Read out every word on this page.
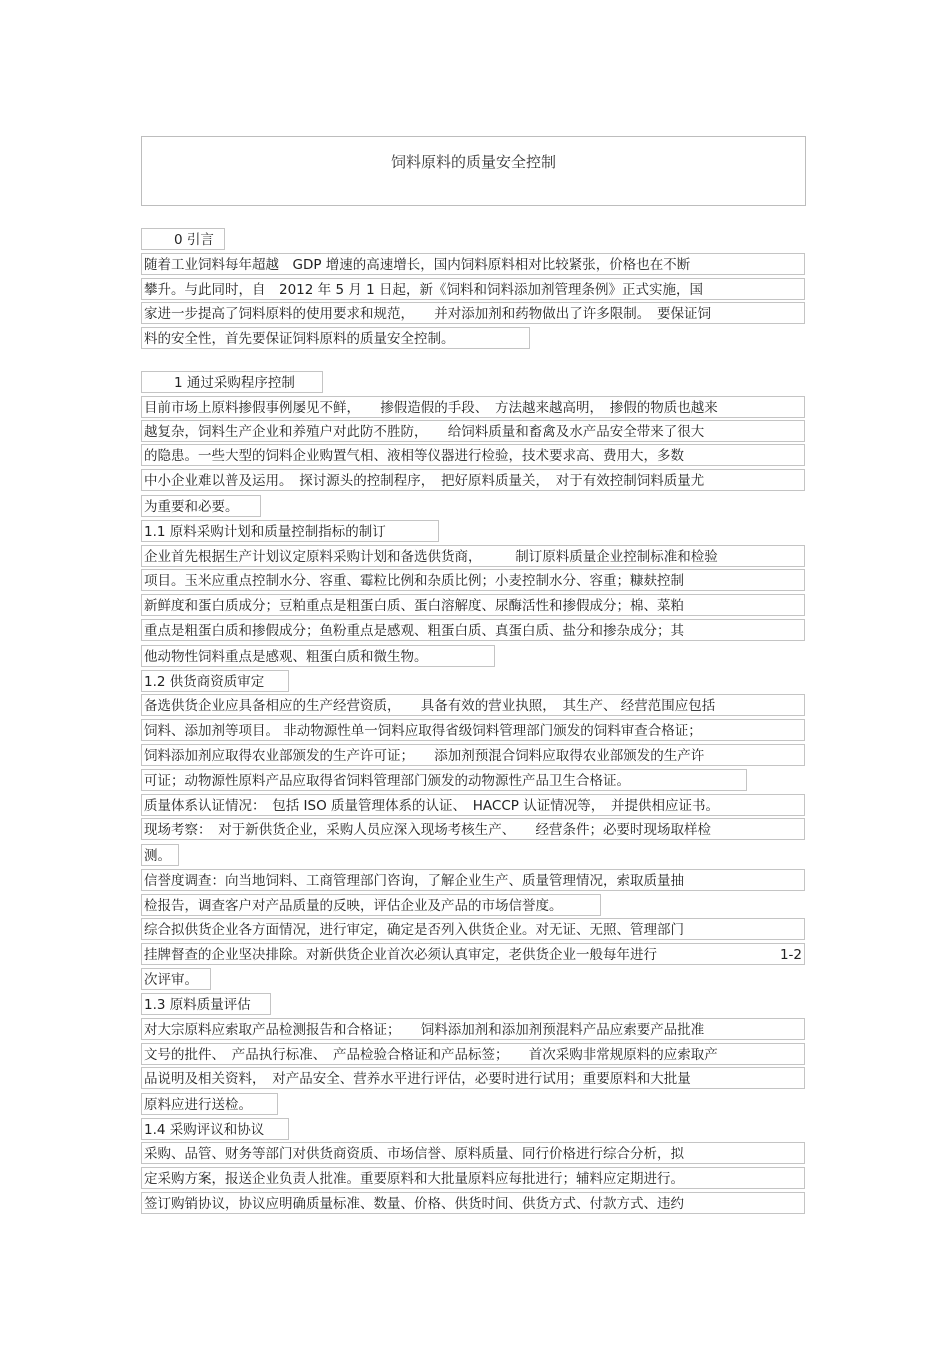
饲料原料的质量安全控制
0 引言
随着工业饲料每年超越　GDP 增速的高速增长，国内饲料原料相对比较紧张，价格也在不断
攀升。与此同时，自　2012 年 5 月 1 日起，新《饲料和饲料添加剂管理条例》正式实施，国
家进一步提高了饲料原料的使用要求和规范，　　并对添加剂和药物做出了许多限制。　要保证饲
料的安全性，首先要保证饲料原料的质量安全控制。
1 通过采购程序控制
目前市场上原料掺假事例屡见不鲜，　　掺假造假的手段、　方法越来越高明，　掺假的物质也越来
越复杂，饲料生产企业和养殖户对此防不胜防，　　给饲料质量和畜禽及水产品安全带来了很大
的隐患。一些大型的饲料企业购置气相、液相等仪器进行检验，技术要求高、费用大，多数
中小企业难以普及运用。　探讨源头的控制程序，　把好原料质量关，　对于有效控制饲料质量尤
为重要和必要。
1.1 原料采购计划和质量控制指标的制订
企业首先根据生产计划议定原料采购计划和备选供货商，　　　制订原料质量企业控制标准和检验
项目。玉米应重点控制水分、容重、霉粒比例和杂质比例；小麦控制水分、容重；糠麸控制
新鲜度和蛋白质成分；豆粕重点是粗蛋白质、蛋白溶解度、尿酶活性和掺假成分；棉、菜粕
重点是粗蛋白质和掺假成分；鱼粉重点是感观、粗蛋白质、真蛋白质、盐分和掺杂成分；其
他动物性饲料重点是感观、粗蛋白质和微生物。
1.2 供货商资质审定
备选供货企业应具备相应的生产经营资质，　　具备有效的营业执照，　其生产、 经营范围应包括
饲料、添加剂等项目。 非动物源性单一饲料应取得省级饲料管理部门颁发的饲料审查合格证；
饲料添加剂应取得农业部颁发的生产许可证；　　添加剂预混合饲料应取得农业部颁发的生产许
可证；动物源性原料产品应取得省饲料管理部门颁发的动物源性产品卫生合格证。
质量体系认证情况：　包括 ISO 质量管理体系的认证、　HACCP 认证情况等，　并提供相应证书。
现场考察：　对于新供货企业，采购人员应深入现场考核生产、　　经营条件；必要时现场取样检
测。
信誉度调查：向当地饲料、工商管理部门咨询，了解企业生产、质量管理情况，索取质量抽
检报告，调查客户对产品质量的反映，评估企业及产品的市场信誉度。
综合拟供货企业各方面情况，进行审定，确定是否列入供货企业。对无证、无照、管理部门
挂牌督查的企业坚决排除。对新供货企业首次必须认真审定，老供货企业一般每年进行	1-2
次评审。
1.3 原料质量评估
对大宗原料应索取产品检测报告和合格证；　　饲料添加剂和添加剂预混料产品应索要产品批准
文号的批件、　产品执行标准、　产品检验合格证和产品标签；　　首次采购非常规原料的应索取产
品说明及相关资料，　对产品安全、营养水平进行评估，必要时进行试用；重要原料和大批量
原料应进行送检。
1.4 采购评议和协议
采购、品管、财务等部门对供货商资质、市场信誉、原料质量、同行价格进行综合分析，拟
定采购方案，报送企业负责人批准。重要原料和大批量原料应每批进行；辅料应定期进行。
签订购销协议，协议应明确质量标准、数量、价格、供货时间、供货方式、付款方式、违约
